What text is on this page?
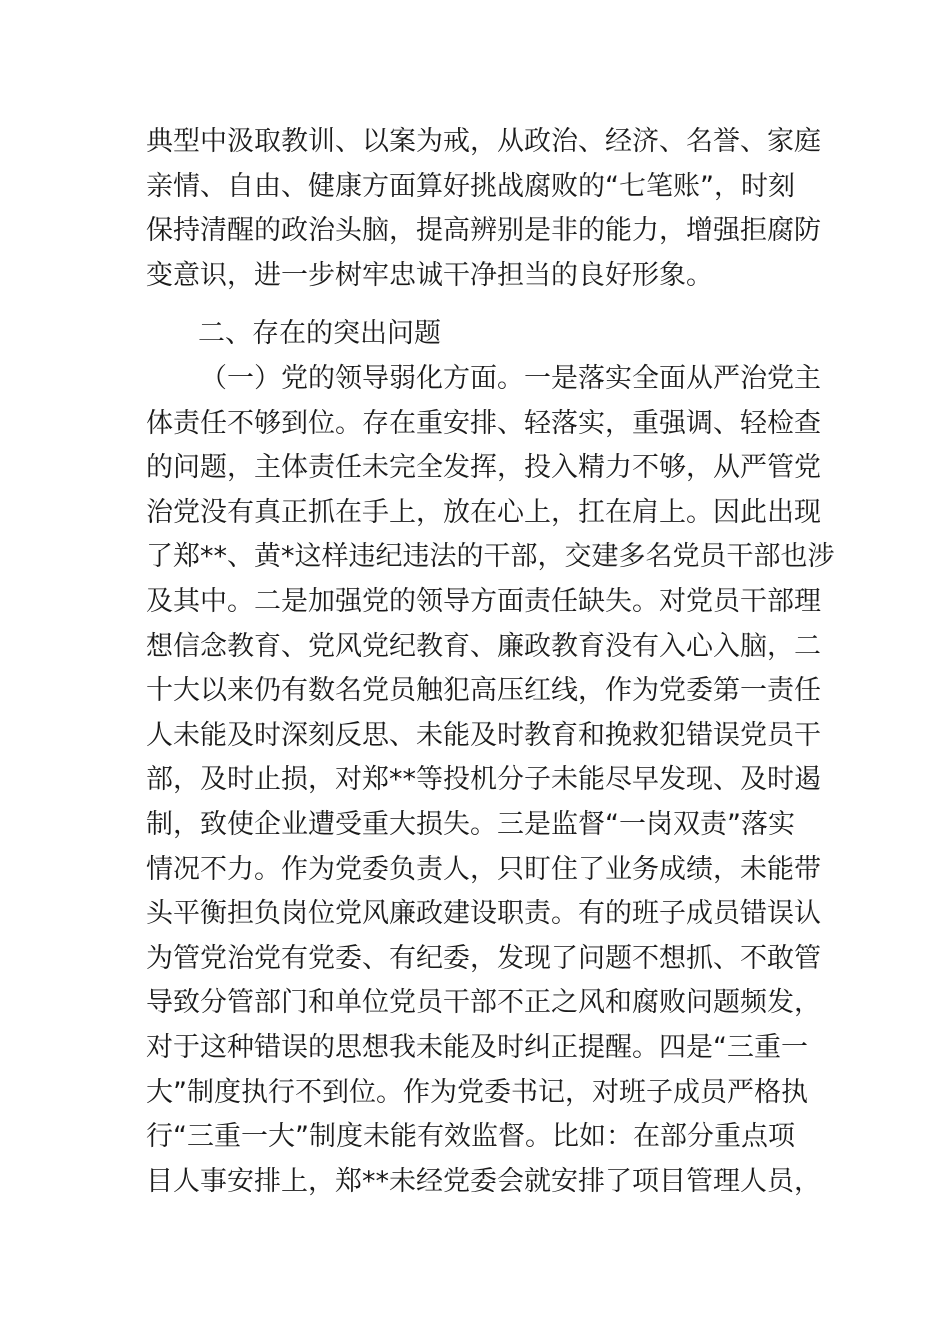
典型中汲取教训、以案为戒，从政治、经济、名誉、家庭
亲情、自由、健康方面算好挑战腐败的“七笔账”，时刻
保持清醒的政治头脑，提高辨别是非的能力，增强拒腐防
变意识，进一步树牢忠诚干净担当的良好形象。
二、存在的突出问题
（一）党的领导弱化方面。一是落实全面从严治党主
体责任不够到位。存在重安排、轻落实，重强调、轻检查
的问题，主体责任未完全发挥，投入精力不够，从严管党
治党没有真正抓在手上，放在心上，扛在肩上。因此出现
了郑**、黄*这样违纪违法的干部，交建多名党员干部也涉
及其中。二是加强党的领导方面责任缺失。对党员干部理
想信念教育、党风党纪教育、廉政教育没有入心入脑，二
十大以来仍有数名党员触犯高压红线，作为党委第一责任
人未能及时深刻反思、未能及时教育和挽救犯错误党员干
部，及时止损，对郑**等投机分子未能尽早发现、及时遏
制，致使企业遭受重大损失。三是监督“一岗双责”落实
情况不力。作为党委负责人，只盯住了业务成绩，未能带
头平衡担负岗位党风廉政建设职责。有的班子成员错误认
为管党治党有党委、有纪委，发现了问题不想抓、不敢管
导致分管部门和单位党员干部不正之风和腐败问题频发，
对于这种错误的思想我未能及时纠正提醒。四是“三重一
大”制度执行不到位。作为党委书记，对班子成员严格执
行“三重一大”制度未能有效监督。比如：在部分重点项
目人事安排上，郑**未经党委会就安排了项目管理人员，
